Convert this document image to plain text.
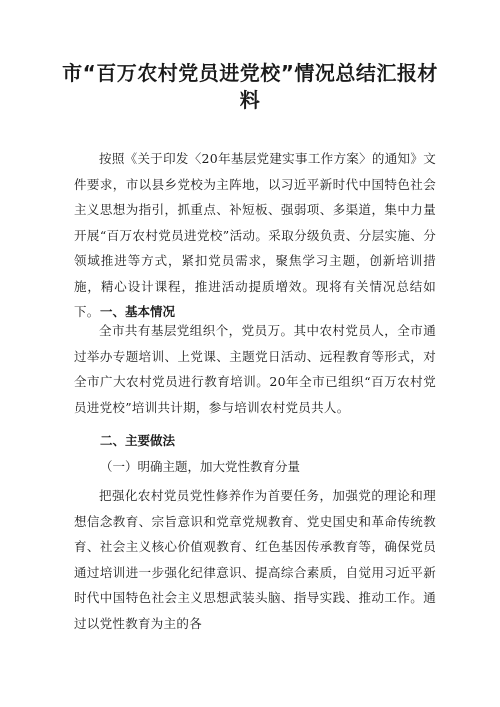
市“百万农村党员进党校”情况总结汇报材料

按照《关于印发〈20年基层党建实事工作方案〉的通知》文件要求，市以县乡党校为主阵地，以习近平新时代中国特色社会主义思想为指引，抓重点、补短板、强弱项、多渠道，集中力量开展“百万农村党员进党校”活动。采取分级负责、分层实施、分领域推进等方式，紧扣党员需求，聚焦学习主题，创新培训措施，精心设计课程，推进活动提质增效。现将有关情况总结如下。 一、基本情况

全市共有基层党组织个，党员万。其中农村党员人，全市通过举办专题培训、上党课、主题党日活动、远程教育等形式，对全市广大农村党员进行教育培训。20年全市已组织“百万农村党员进党校”培训共计期，参与培训农村党员共人。

二、主要做法

（一）明确主题，加大党性教育分量

把强化农村党员党性修养作为首要任务，加强党的理论和理想信念教育、宗旨意识和党章党规教育、党史国史和革命传统教育、社会主义核心价值观教育、红色基因传承教育等，确保党员通过培训进一步强化纪律意识、提高综合素质，自觉用习近平新时代中国特色社会主义思想武装头脑、指导实践、推动工作。通过以党性教育为主的各
